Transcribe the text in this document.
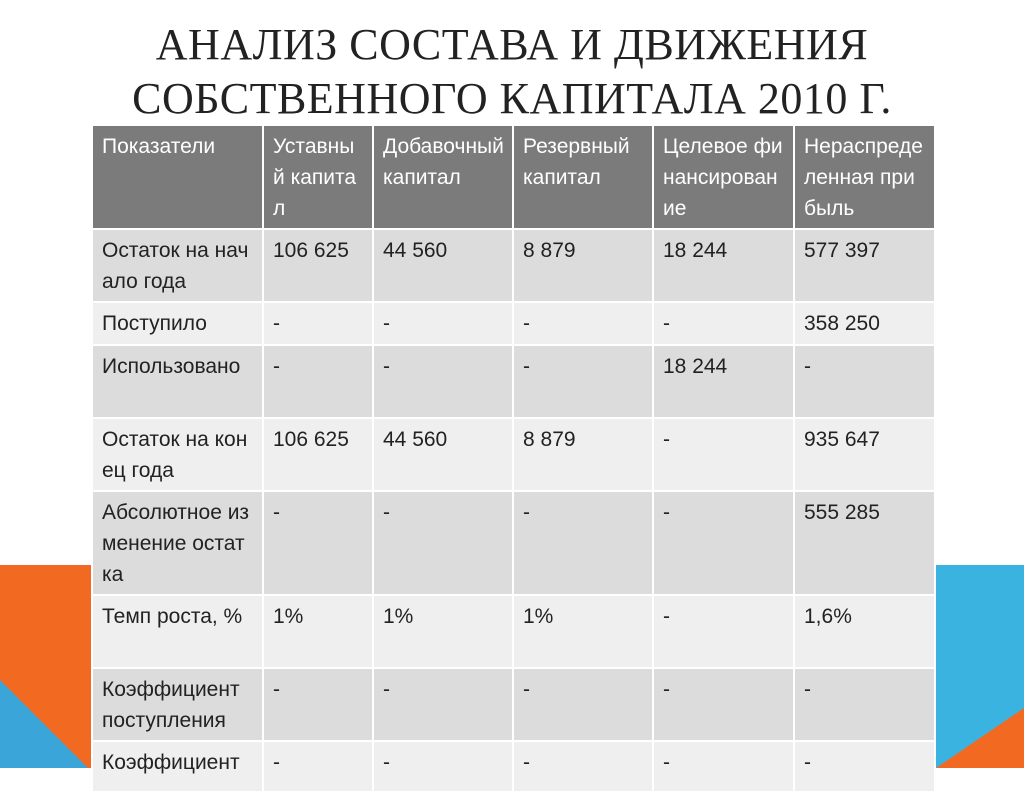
АНАЛИЗ СОСТАВА И ДВИЖЕНИЯ
СОБСТВЕННОГО КАПИТАЛА 2010 Г.
Показатели	Уставный капитал	Добавочный капитал	Резервный капитал	Целевое финансирование	Нераспределенная прибыль
Остаток на начало года	106 625	44 560	8 879	18 244	577 397
Поступило	-	-	-	-	358 250
Использовано	-	-	-	18 244	-
Остаток на конец года	106 625	44 560	8 879	-	935 647
Абсолютное изменение остатка	-	-	-	-	555 285
Темп роста, %	1%	1%	1%	-	1,6%
Коэффициент поступления	-	-	-	-	-
Коэффициент	-	-	-	-	-
